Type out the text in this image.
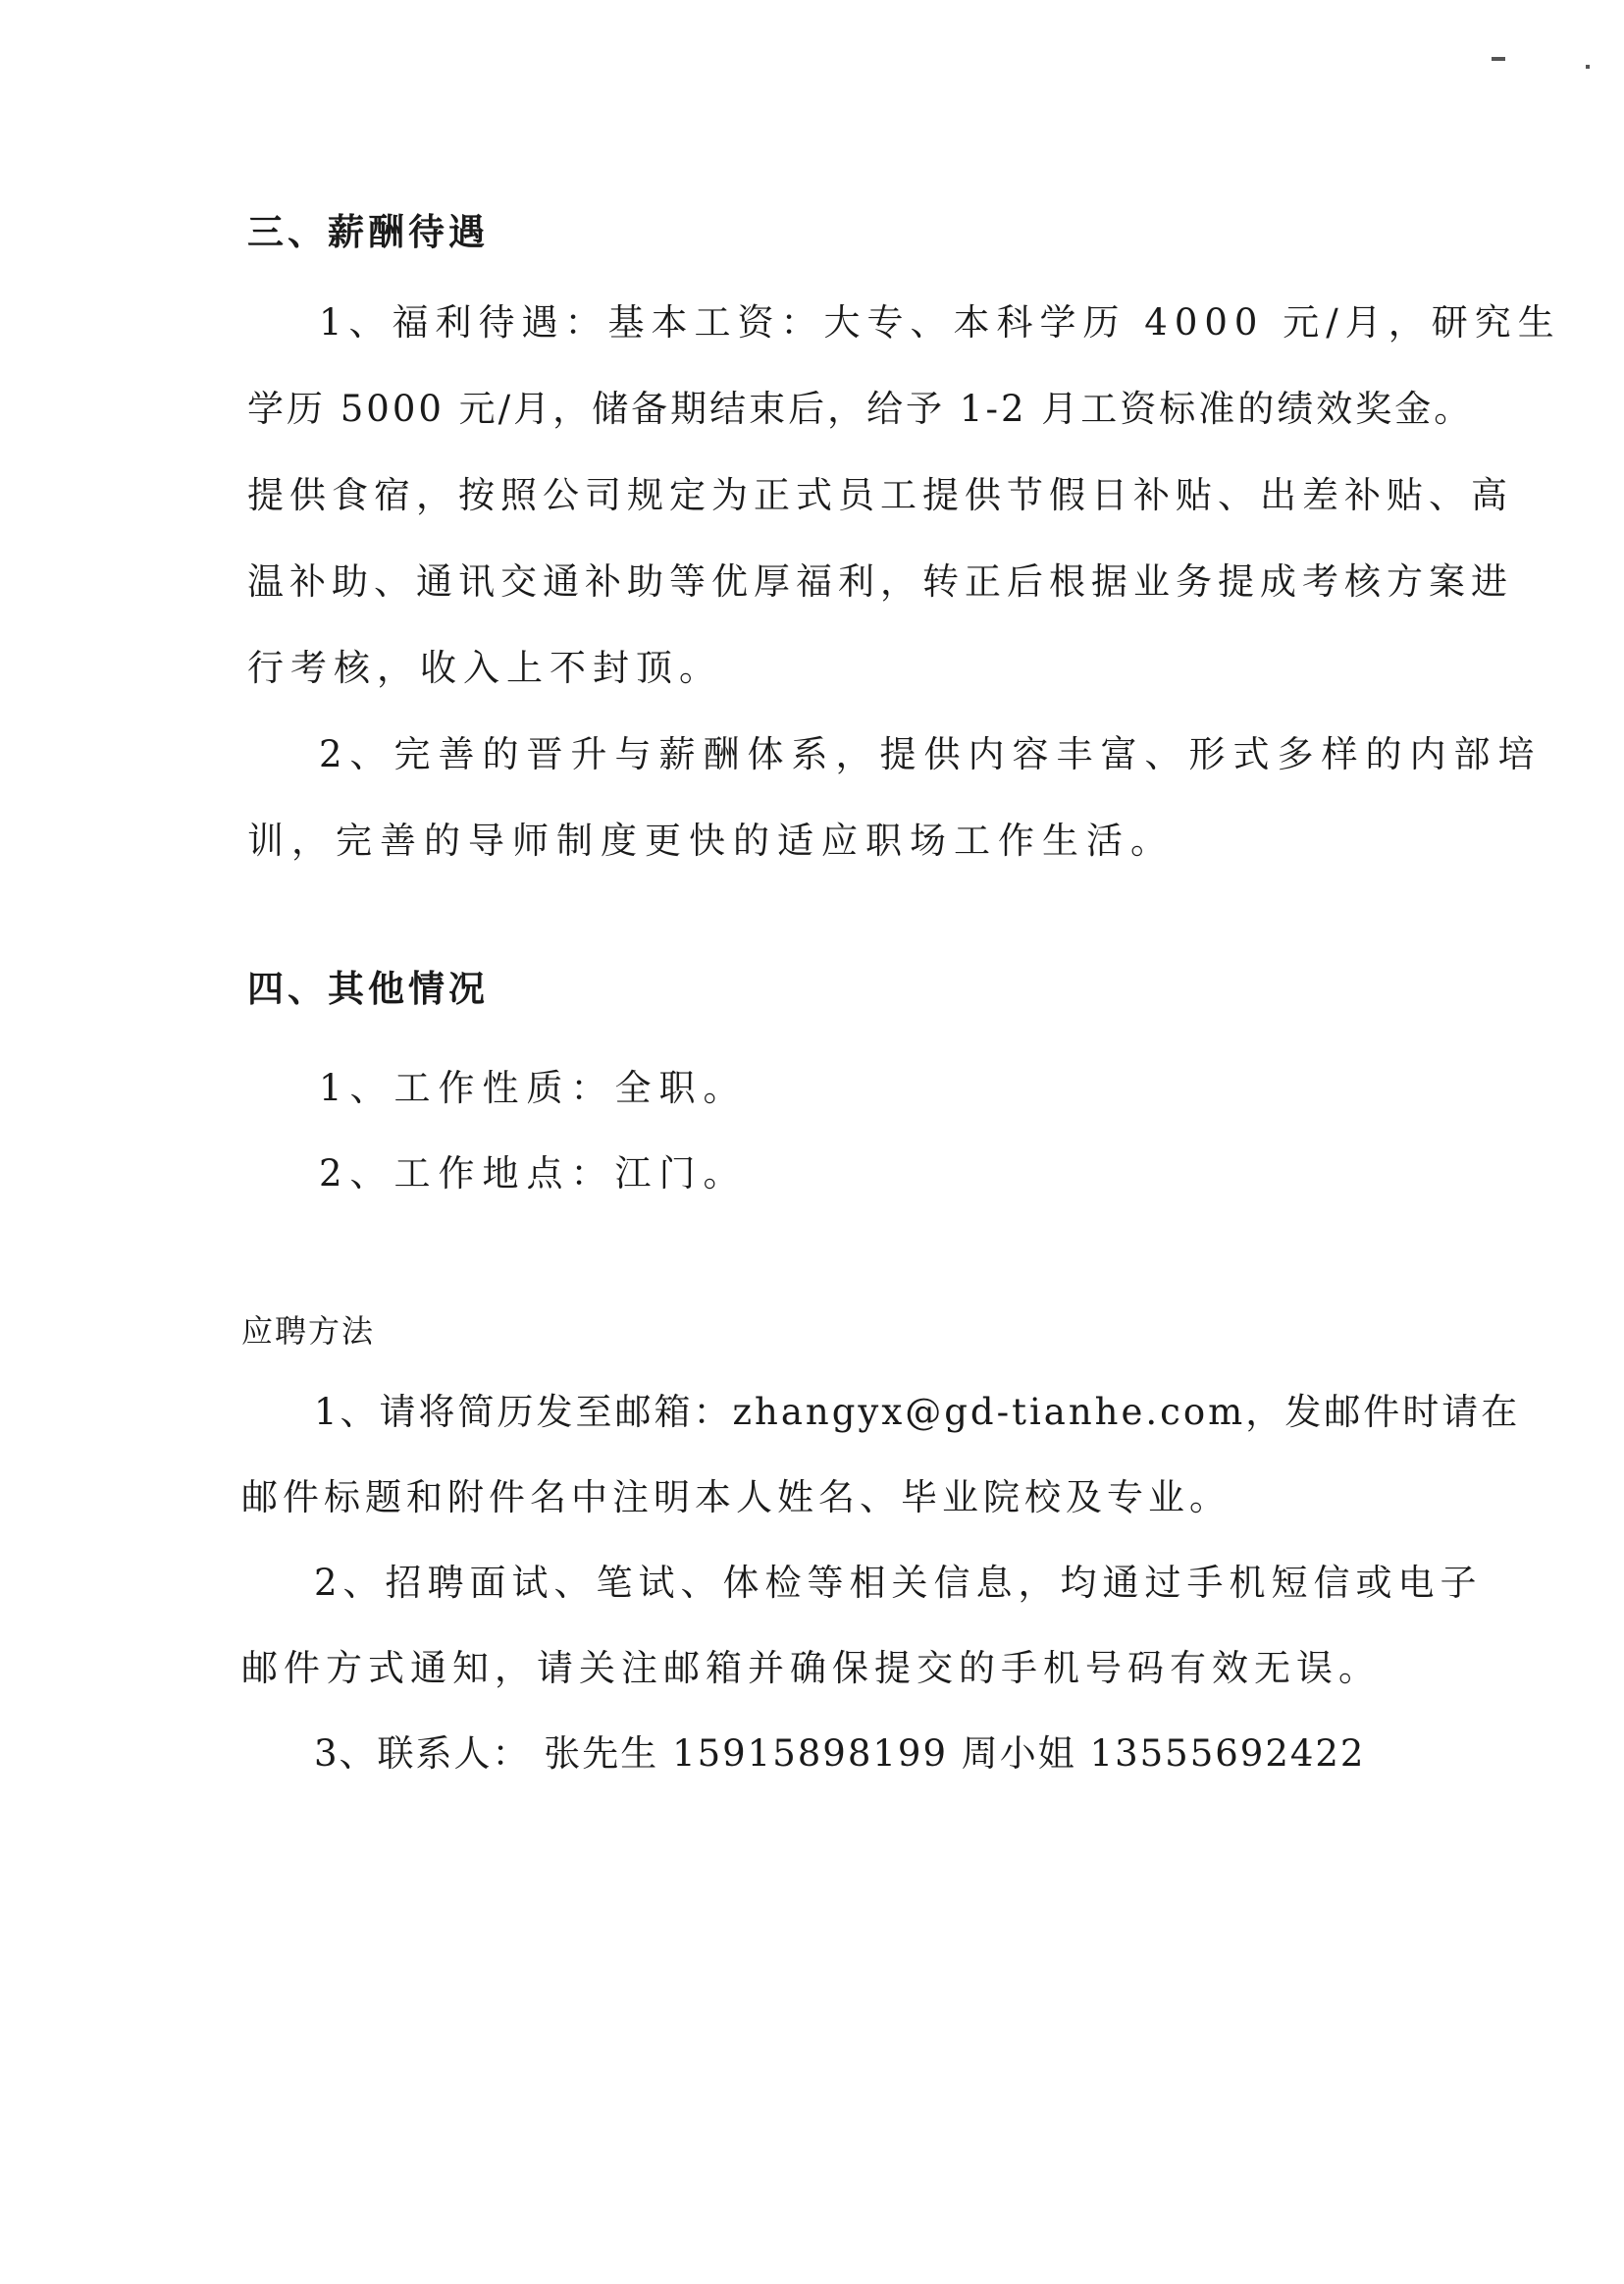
三、薪酬待遇
1、福利待遇：基本工资：大专、本科学历 4000 元/月，研究生
学历 5000 元/月，储备期结束后，给予 1-2 月工资标准的绩效奖金。
提供食宿，按照公司规定为正式员工提供节假日补贴、出差补贴、高
温补助、通讯交通补助等优厚福利，转正后根据业务提成考核方案进
行考核，收入上不封顶。
2、完善的晋升与薪酬体系，提供内容丰富、形式多样的内部培
训，完善的导师制度更快的适应职场工作生活。
四、其他情况
1、工作性质：全职。
2、工作地点：江门。
应聘方法
1、请将简历发至邮箱：zhangyx@gd-tianhe.com，发邮件时请在
邮件标题和附件名中注明本人姓名、毕业院校及专业。
2、招聘面试、笔试、体检等相关信息，均通过手机短信或电子
邮件方式通知，请关注邮箱并确保提交的手机号码有效无误。
3、联系人： 张先生 15915898199 周小姐 13555692422
